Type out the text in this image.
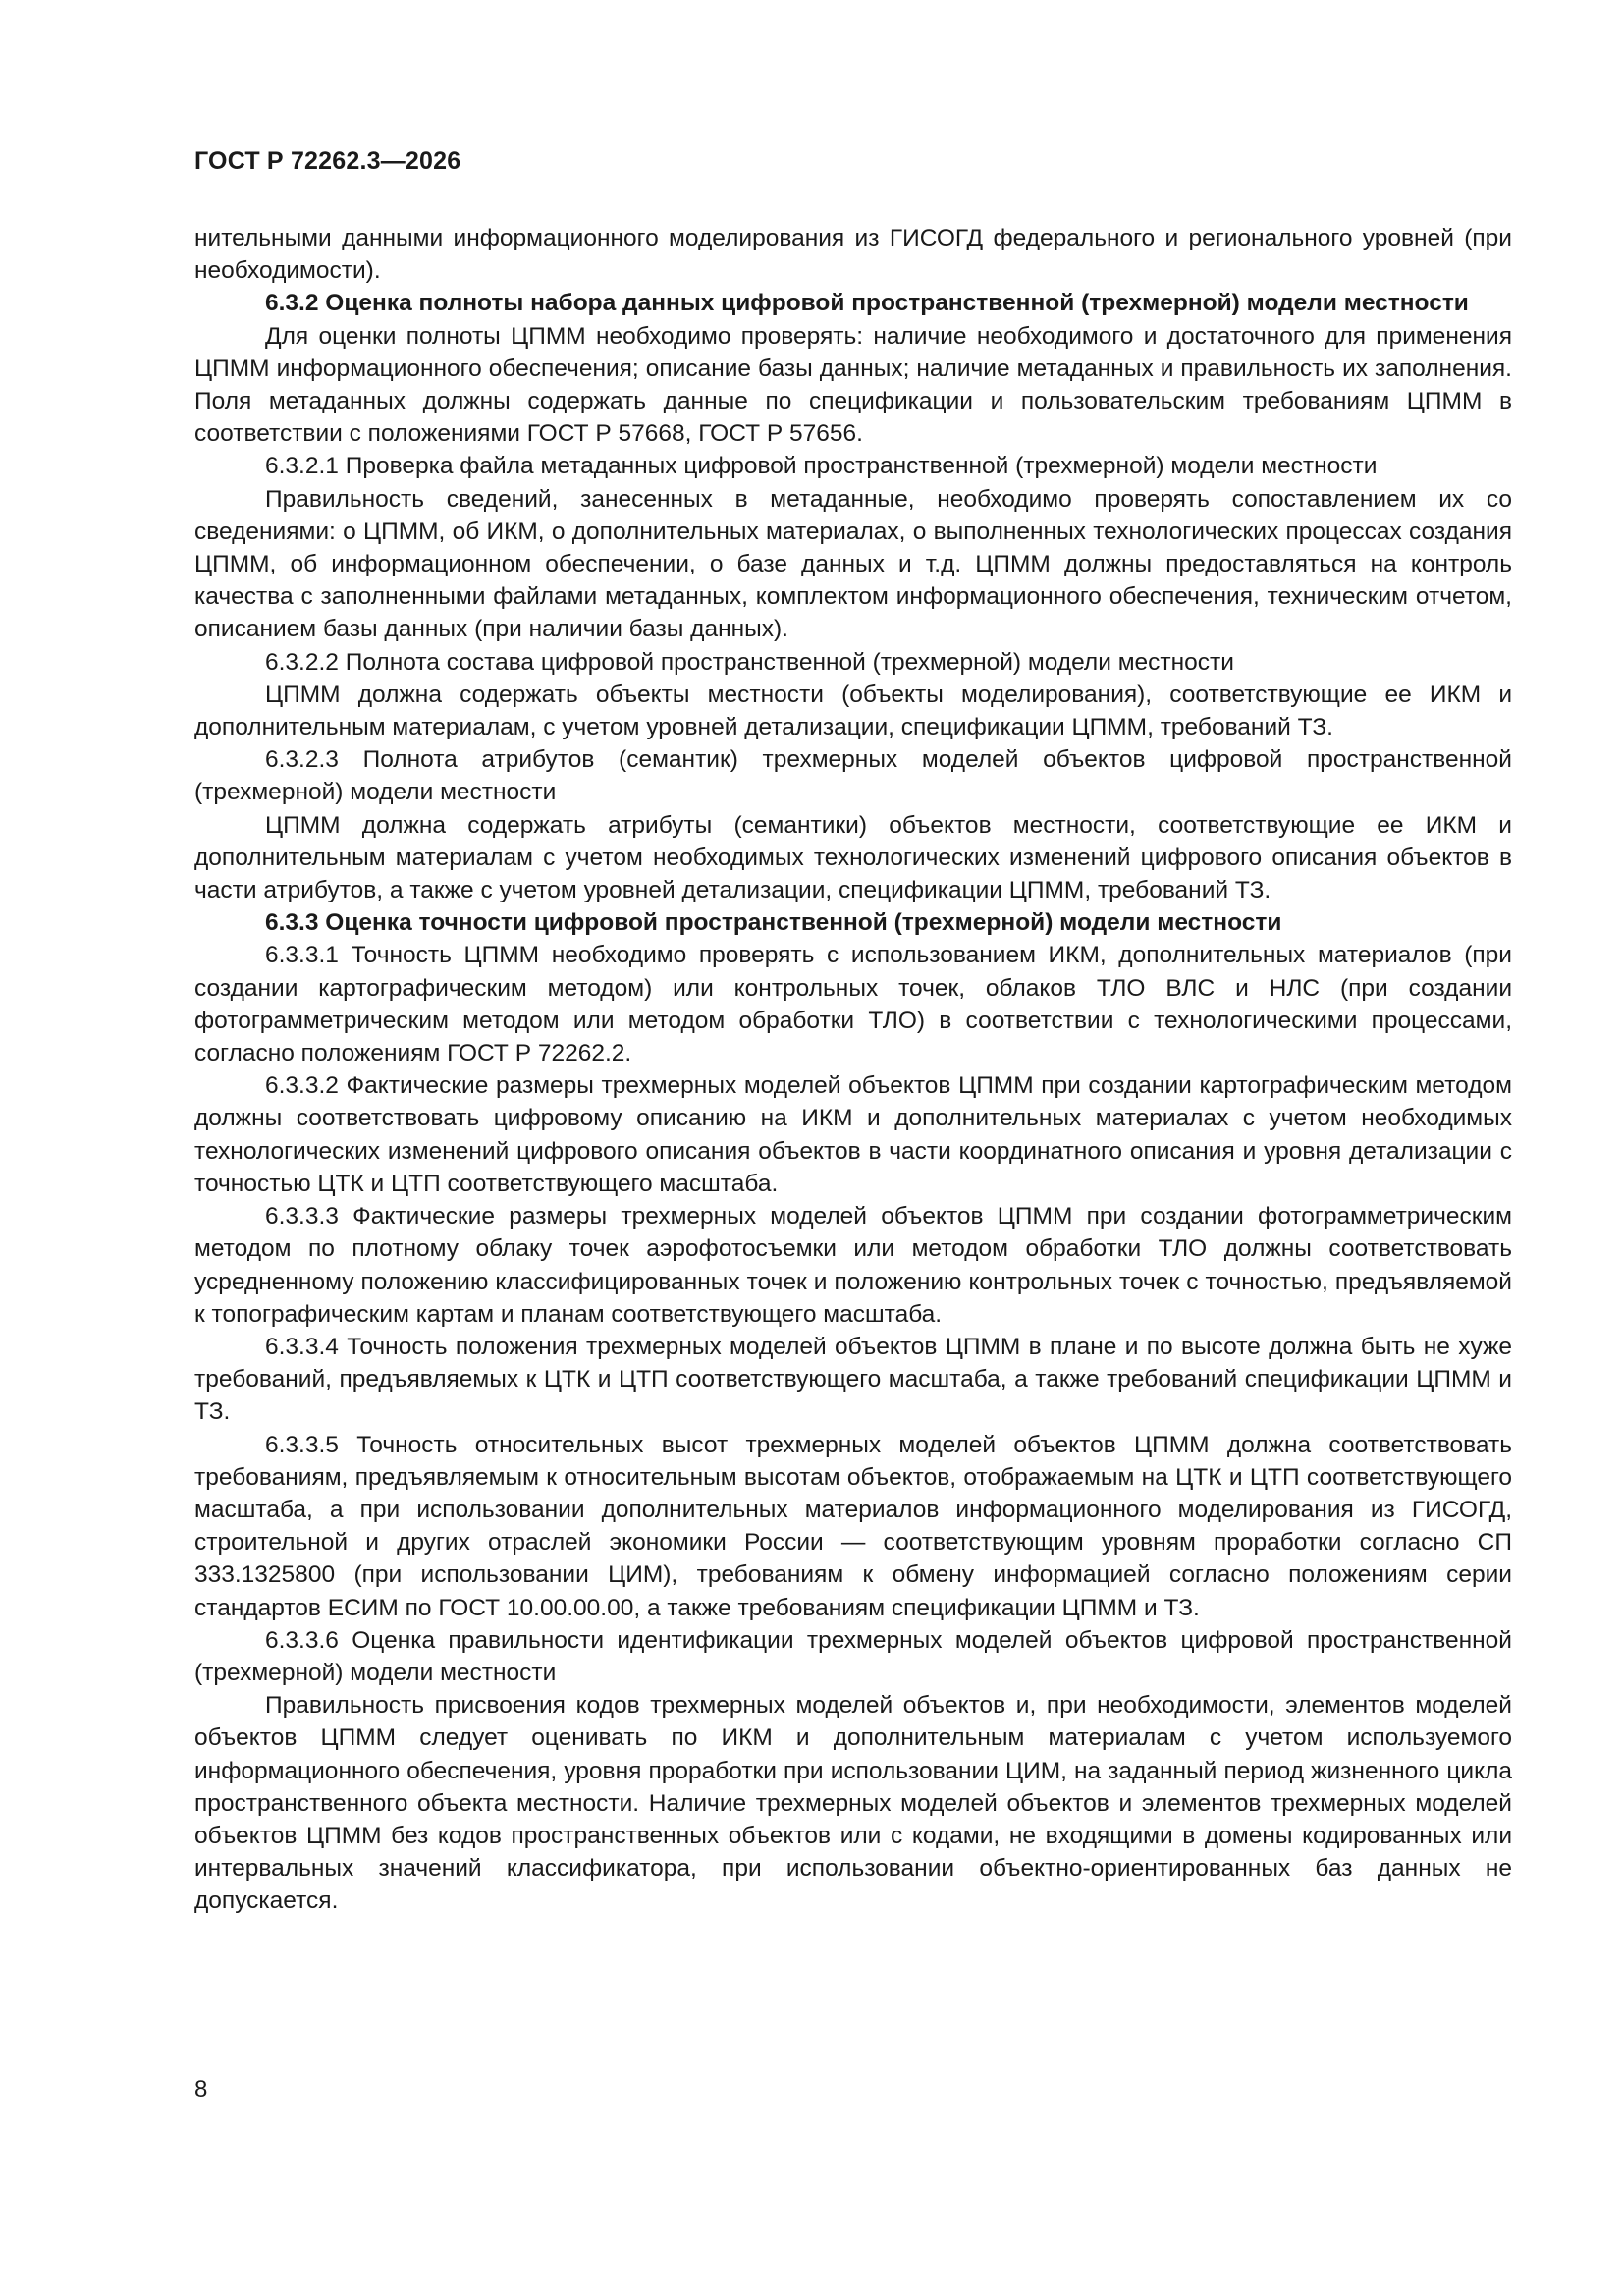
ГОСТ Р 72262.3—2026

нительными данными информационного моделирования из ГИСОГД федерального и регионального уровней (при необходимости).

6.3.2 Оценка полноты набора данных цифровой пространственной (трехмерной) модели местности

Для оценки полноты ЦПММ необходимо проверять: наличие необходимого и достаточного для применения ЦПММ информационного обеспечения; описание базы данных; наличие метаданных и правильность их заполнения. Поля метаданных должны содержать данные по спецификации и пользовательским требованиям ЦПММ в соответствии с положениями ГОСТ Р 57668, ГОСТ Р 57656.

6.3.2.1 Проверка файла метаданных цифровой пространственной (трехмерной) модели местности

Правильность сведений, занесенных в метаданные, необходимо проверять сопоставлением их со сведениями: о ЦПММ, об ИКМ, о дополнительных материалах, о выполненных технологических процессах создания ЦПММ, об информационном обеспечении, о базе данных и т.д. ЦПММ должны предоставляться на контроль качества с заполненными файлами метаданных, комплектом информационного обеспечения, техническим отчетом, описанием базы данных (при наличии базы данных).

6.3.2.2 Полнота состава цифровой пространственной (трехмерной) модели местности

ЦПММ должна содержать объекты местности (объекты моделирования), соответствующие ее ИКМ и дополнительным материалам, с учетом уровней детализации, спецификации ЦПММ, требований ТЗ.

6.3.2.3 Полнота атрибутов (семантик) трехмерных моделей объектов цифровой пространственной (трехмерной) модели местности

ЦПММ должна содержать атрибуты (семантики) объектов местности, соответствующие ее ИКМ и дополнительным материалам с учетом необходимых технологических изменений цифрового описания объектов в части атрибутов, а также с учетом уровней детализации, спецификации ЦПММ, требований ТЗ.

6.3.3 Оценка точности цифровой пространственной (трехмерной) модели местности

6.3.3.1 Точность ЦПММ необходимо проверять с использованием ИКМ, дополнительных материалов (при создании картографическим методом) или контрольных точек, облаков ТЛО ВЛС и НЛС (при создании фотограмметрическим методом или методом обработки ТЛО) в соответствии с технологическими процессами, согласно положениям ГОСТ Р 72262.2.

6.3.3.2 Фактические размеры трехмерных моделей объектов ЦПММ при создании картографическим методом должны соответствовать цифровому описанию на ИКМ и дополнительных материалах с учетом необходимых технологических изменений цифрового описания объектов в части координатного описания и уровня детализации с точностью ЦТК и ЦТП соответствующего масштаба.

6.3.3.3 Фактические размеры трехмерных моделей объектов ЦПММ при создании фотограмметрическим методом по плотному облаку точек аэрофотосъемки или методом обработки ТЛО должны соответствовать усредненному положению классифицированных точек и положению контрольных точек с точностью, предъявляемой к топографическим картам и планам соответствующего масштаба.

6.3.3.4 Точность положения трехмерных моделей объектов ЦПММ в плане и по высоте должна быть не хуже требований, предъявляемых к ЦТК и ЦТП соответствующего масштаба, а также требований спецификации ЦПММ и ТЗ.

6.3.3.5 Точность относительных высот трехмерных моделей объектов ЦПММ должна соответствовать требованиям, предъявляемым к относительным высотам объектов, отображаемым на ЦТК и ЦТП соответствующего масштаба, а при использовании дополнительных материалов информационного моделирования из ГИСОГД, строительной и других отраслей экономики России — соответствующим уровням проработки согласно СП 333.1325800 (при использовании ЦИМ), требованиям к обмену информацией согласно положениям серии стандартов ЕСИМ по ГОСТ 10.00.00.00, а также требованиям спецификации ЦПММ и ТЗ.

6.3.3.6 Оценка правильности идентификации трехмерных моделей объектов цифровой пространственной (трехмерной) модели местности

Правильность присвоения кодов трехмерных моделей объектов и, при необходимости, элементов моделей объектов ЦПММ следует оценивать по ИКМ и дополнительным материалам с учетом используемого информационного обеспечения, уровня проработки при использовании ЦИМ, на заданный период жизненного цикла пространственного объекта местности. Наличие трехмерных моделей объектов и элементов трехмерных моделей объектов ЦПММ без кодов пространственных объектов или с кодами, не входящими в домены кодированных или интервальных значений классификатора, при использовании объектно-ориентированных баз данных не допускается.

8
